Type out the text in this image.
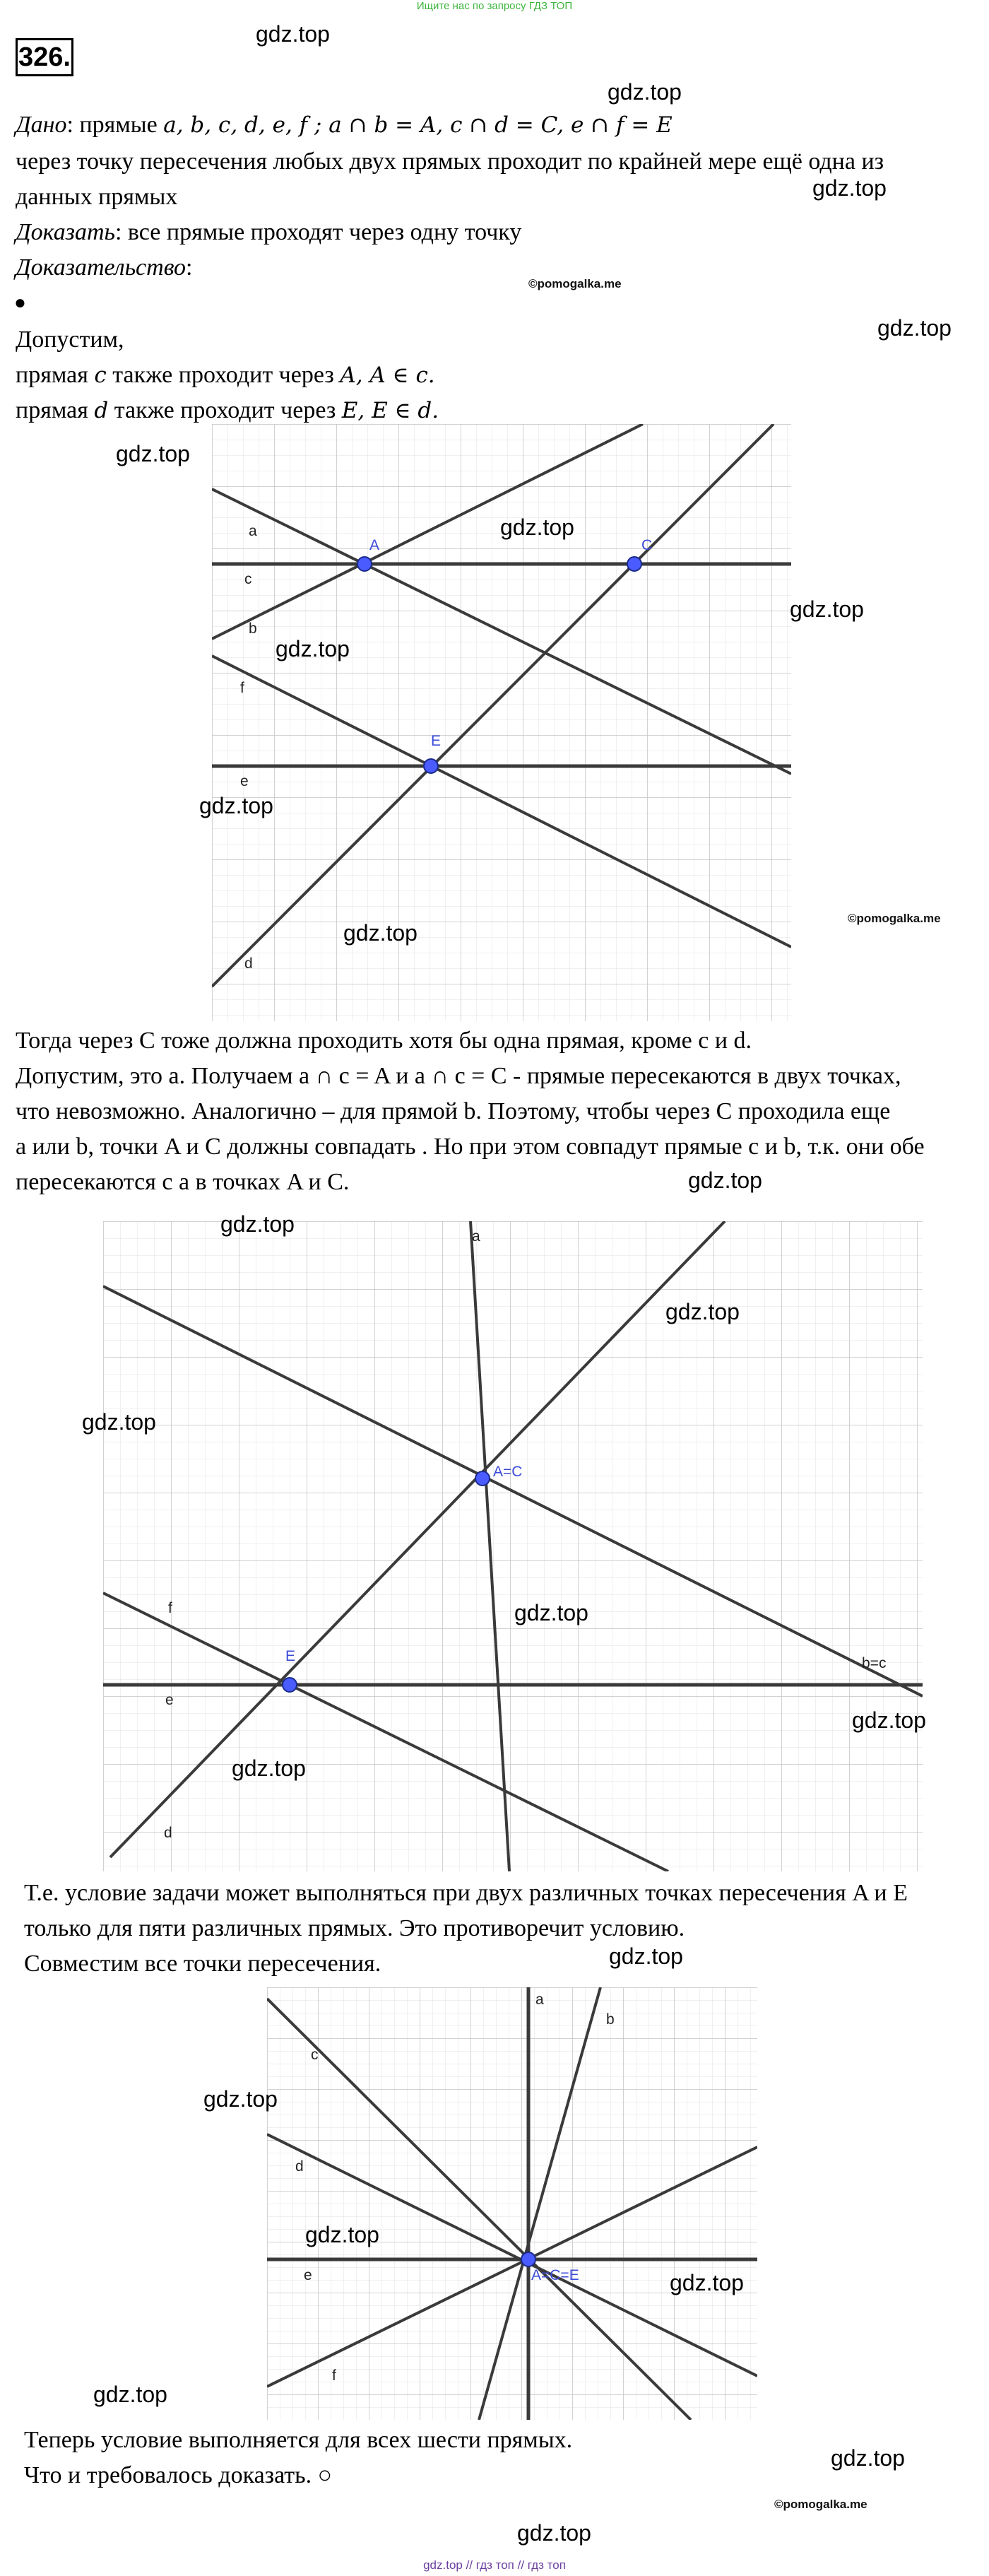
Ищите нас по запросу ГДЗ ТОП
326.
Дано: прямые a, b, c, d, e, f ; a ∩ b = A, c ∩ d = C, e ∩ f = E
через точку пересечения любых двух прямых проходит по крайней мере ещё одна из
данных прямых
Доказать: все прямые проходят через одну точку
Доказательство:
●
Допустим,
прямая c также проходит через A, A ∈ c.
прямая d также проходит через E, E ∈ d.
A	C
E
a
c
b
f
e
d
Тогда через C тоже должна проходить хотя бы одна прямая, кроме c и d.
Допустим, это a. Получаем a ∩ c = A и a ∩ c = C - прямые пересекаются в двух точках,
что невозможно. Аналогично – для прямой b. Поэтому, чтобы через C проходила еще
a или b, точки A и C должны совпадать . Но при этом совпадут прямые c и b, т.к. они обе
пересекаются с a в точках A и C.
A=C
E
a
f
e
d
b=c
Т.е. условие задачи может выполняться при двух различных точках пересечения A и E
только для пяти различных прямых. Это противоречит условию.
Совместим все точки пересечения.
A=C=E
a
b
c
d
e
f
Теперь условие выполняется для всех шести прямых.
Что и требовалось доказать. ○
gdz.top
gdz.top
gdz.top
©pomogalka.me
gdz.top
gdz.top
gdz.top
gdz.top
gdz.top
gdz.top
©pomogalka.me
gdz.top
gdz.top
gdz.top
gdz.top
gdz.top
gdz.top
gdz.top
gdz.top
gdz.top
gdz.top
gdz.top
gdz.top
gdz.top
gdz.top
©pomogalka.me
gdz.top
gdz.top // гдз топ // гдз топ
